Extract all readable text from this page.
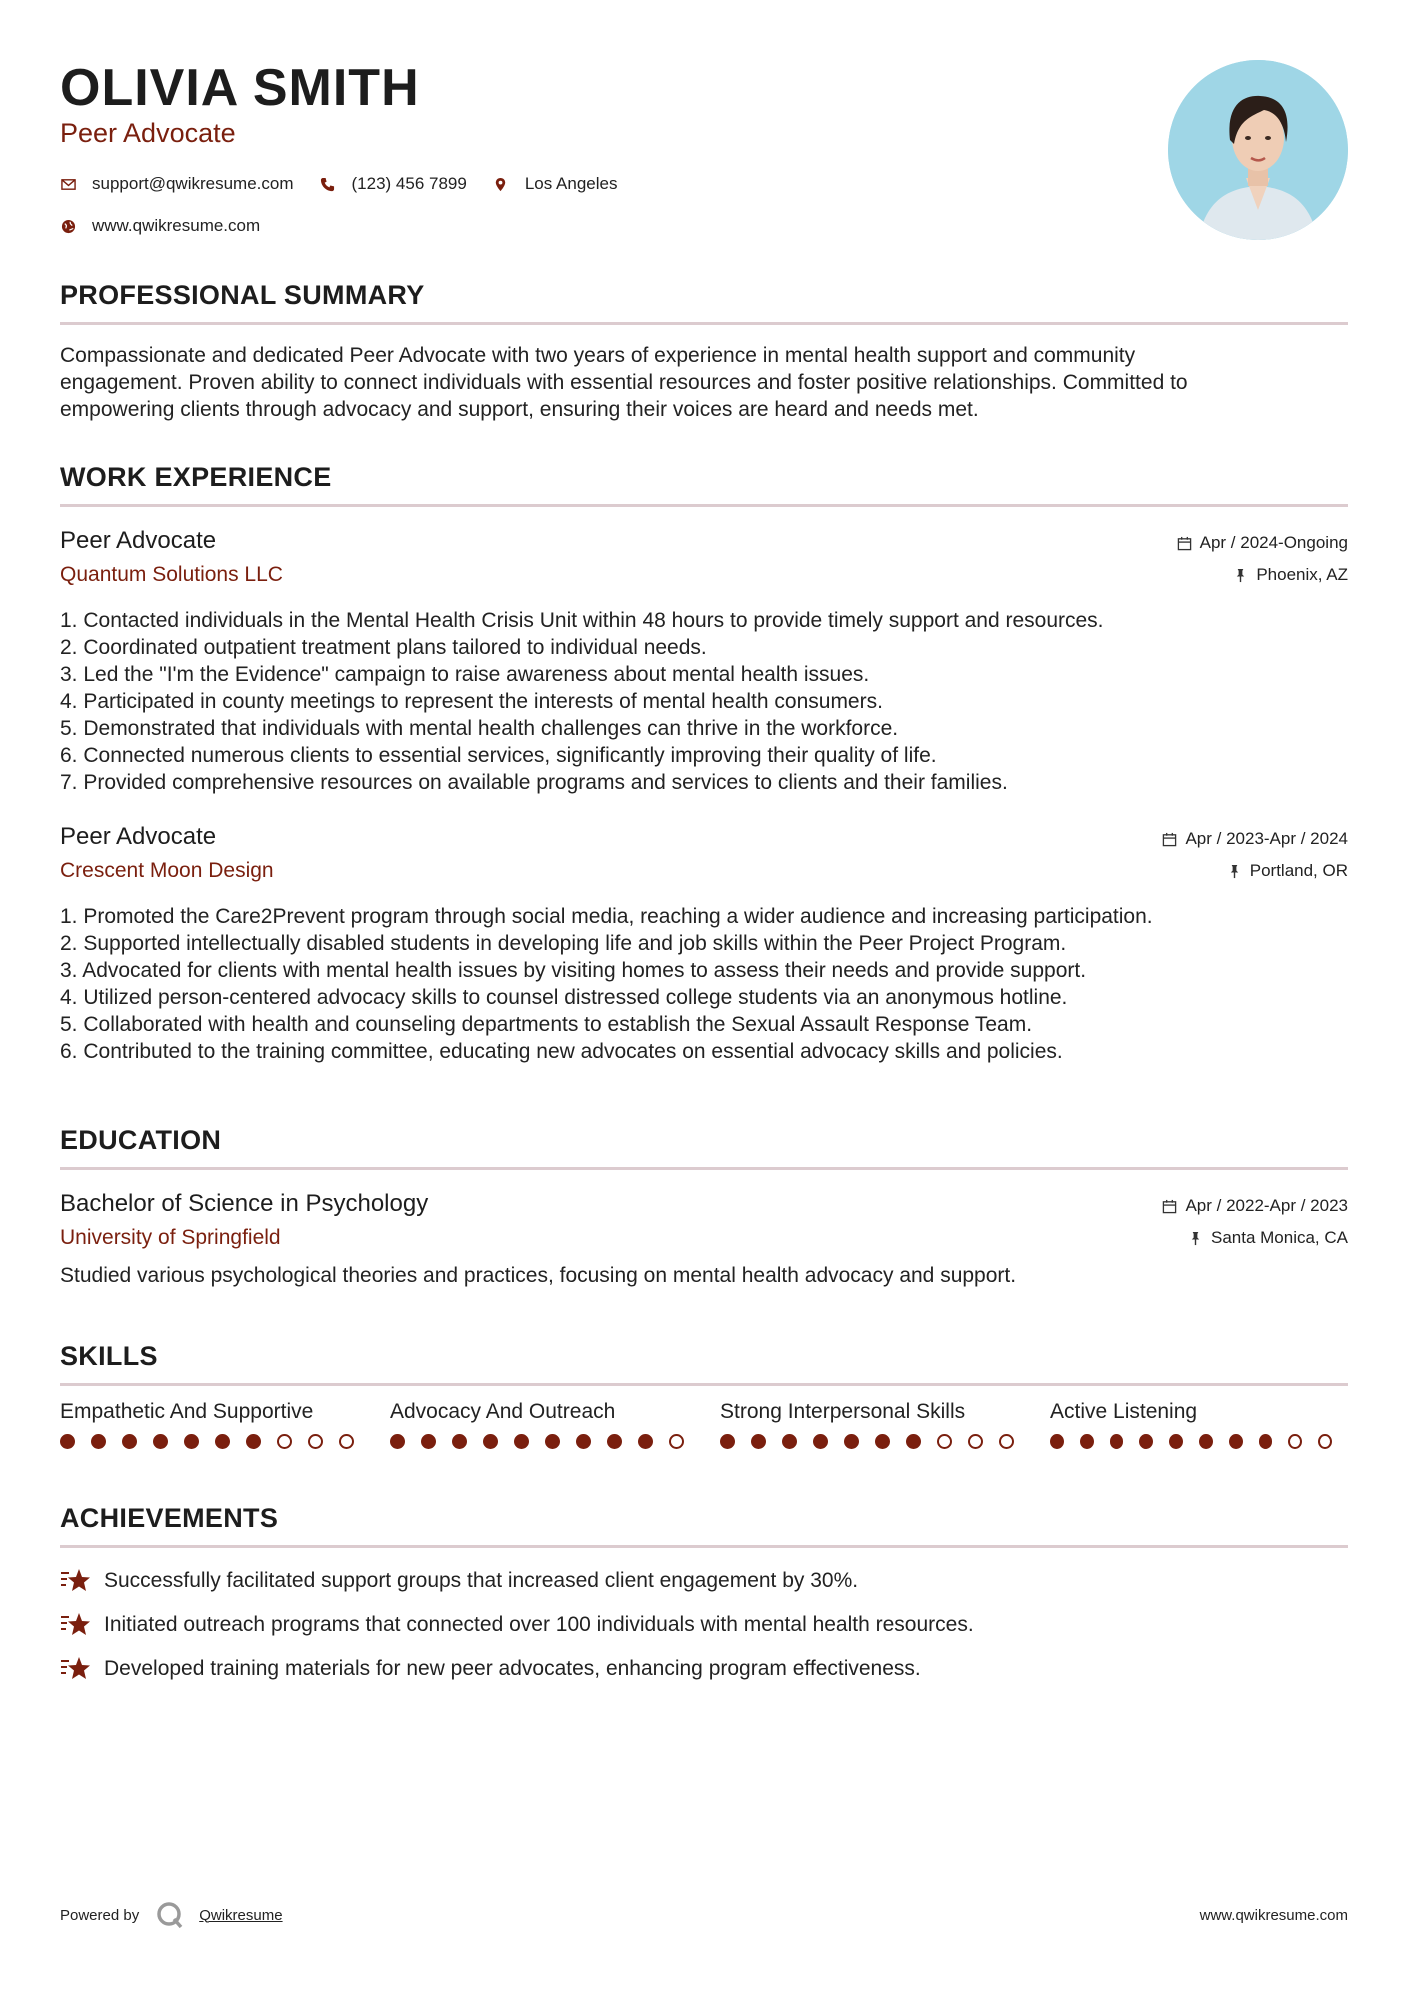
OLIVIA SMITH
Peer Advocate
support@qwikresume.com	(123) 456 7899	Los Angeles
www.qwikresume.com
PROFESSIONAL SUMMARY
Compassionate and dedicated Peer Advocate with two years of experience in mental health support and community
engagement. Proven ability to connect individuals with essential resources and foster positive relationships. Committed to
empowering clients through advocacy and support, ensuring their voices are heard and needs met.
WORK EXPERIENCE
Peer Advocate
Quantum Solutions LLC
Apr / 2024-Ongoing
Phoenix, AZ
1. Contacted individuals in the Mental Health Crisis Unit within 48 hours to provide timely support and resources.
2. Coordinated outpatient treatment plans tailored to individual needs.
3. Led the "I'm the Evidence" campaign to raise awareness about mental health issues.
4. Participated in county meetings to represent the interests of mental health consumers.
5. Demonstrated that individuals with mental health challenges can thrive in the workforce.
6. Connected numerous clients to essential services, significantly improving their quality of life.
7. Provided comprehensive resources on available programs and services to clients and their families.
Peer Advocate
Crescent Moon Design
Apr / 2023-Apr / 2024
Portland, OR
1. Promoted the Care2Prevent program through social media, reaching a wider audience and increasing participation.
2. Supported intellectually disabled students in developing life and job skills within the Peer Project Program.
3. Advocated for clients with mental health issues by visiting homes to assess their needs and provide support.
4. Utilized person-centered advocacy skills to counsel distressed college students via an anonymous hotline.
5. Collaborated with health and counseling departments to establish the Sexual Assault Response Team.
6. Contributed to the training committee, educating new advocates on essential advocacy skills and policies.
EDUCATION
Bachelor of Science in Psychology
University of Springfield
Apr / 2022-Apr / 2023
Santa Monica, CA
Studied various psychological theories and practices, focusing on mental health advocacy and support.
SKILLS
Empathetic And Supportive	Advocacy And Outreach	Strong Interpersonal Skills	Active Listening
ACHIEVEMENTS
Successfully facilitated support groups that increased client engagement by 30%.
Initiated outreach programs that connected over 100 individuals with mental health resources.
Developed training materials for new peer advocates, enhancing program effectiveness.
Powered by	Qwikresume	www.qwikresume.com
